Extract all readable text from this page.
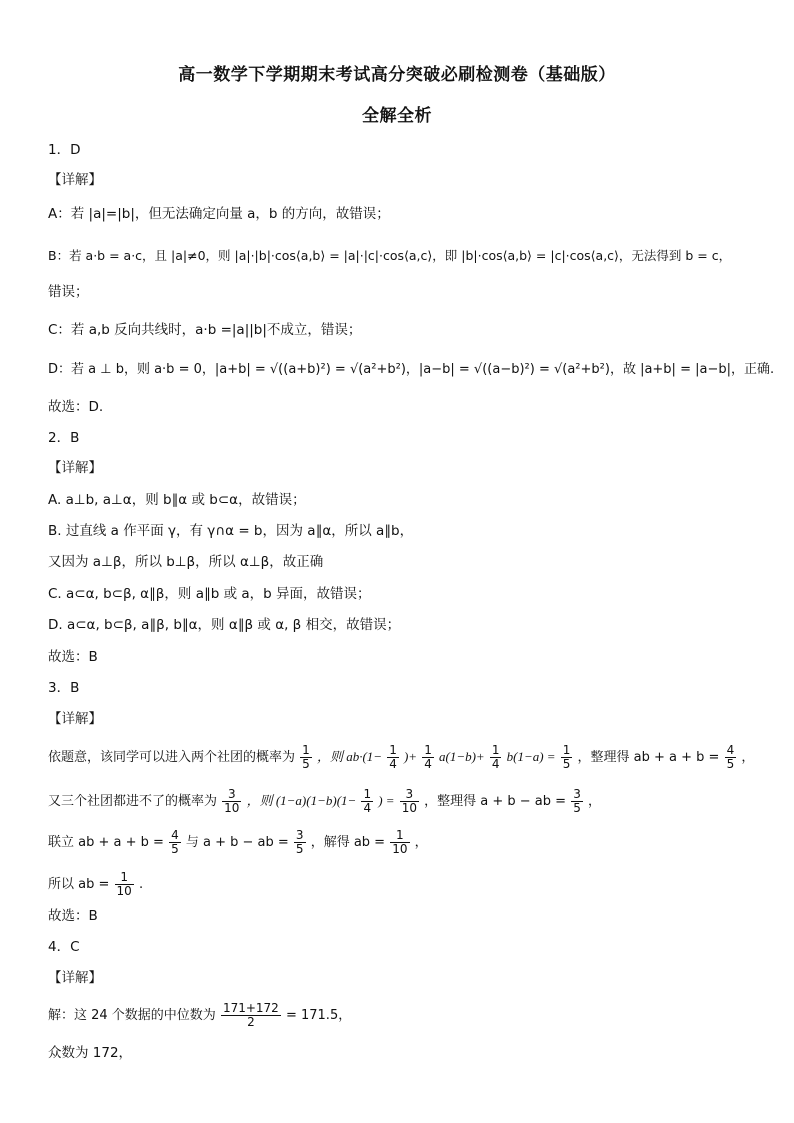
高一数学下学期期末考试高分突破必刷检测卷（基础版）
全解全析
1．D
【详解】
A：若 |a|=|b|，但无法确定向量 a，b 的方向，故错误；
B：若 a·b = a·c，且 |a|≠0，则 |a|·|b|·cos⟨a,b⟩ = |a|·|c|·cos⟨a,c⟩，即 |b|·cos⟨a,b⟩ = |c|·cos⟨a,c⟩，无法得到 b = c，
错误；
C：若 a,b 反向共线时，a·b =|a||b|不成立，错误；
D：若 a ⊥ b，则 a·b = 0，|a+b| = √((a+b)²) = √(a²+b²)，|a−b| = √((a−b)²) = √(a²+b²)，故 |a+b| = |a−b|，正确.
故选：D.
2．B
【详解】
A. a⊥b, a⊥α，则 b∥α 或 b⊂α，故错误；
B. 过直线 a 作平面 γ，有 γ∩α = b，因为 a∥α，所以 a∥b，
又因为 a⊥β，所以 b⊥β，所以 α⊥β，故正确
C. a⊂α, b⊂β, α∥β，则 a∥b 或 a，b 异面，故错误；
D. a⊂α, b⊂β, a∥β, b∥α，则 α∥β 或 α, β 相交，故错误；
故选：B
3．B
【详解】
依题意，该同学可以进入两个社团的概率为 $\frac{1}{5}$ ，则 $ab\cdot(1- \frac{1}{4}$ )+ $\frac{1}{4} a(1-b)+ \frac{1}{4} b(1-a) = \frac{1}{5}$ ，整理得 ab + $a + b = \frac{4}{5}$ ，
又三个社团都进不了的概率为 $\frac{3}{10}$ ，则 $(1-a)(1-b)(1- \frac{1}{4}$ ) = $\frac{3}{10}$ ，整理得 a + b − ab = $\frac{3}{5}$ ，
联立 ab + $a + b = \frac{4}{5}$ 与 a + b − ab = $\frac{3}{5}$ ，解得 ab = $\frac{1}{10}$ ，
所以 ab = $\frac{1}{10}$ .
故选：B
4．C
【详解】
解：这 24 个数据的中位数为 $\frac{171+172}{2} = 171.5$，
众数为 172，
